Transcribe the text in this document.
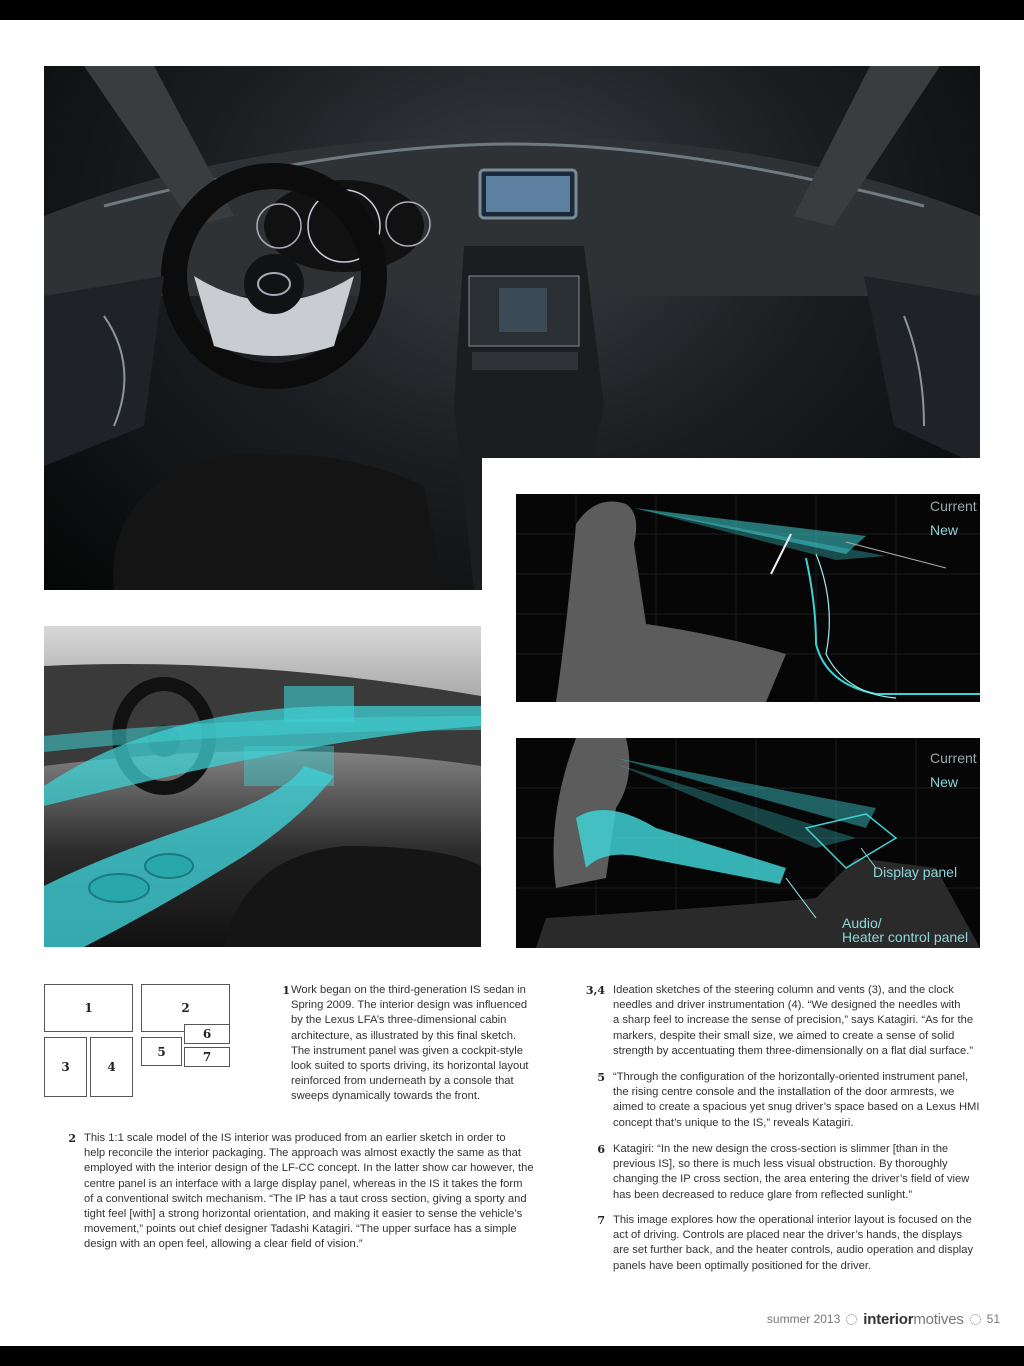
Current
New
Current
New
Display panel
Audio/
Heater control panel
1	2
6
3	4
5	7
1 Work began on the third-generation IS sedan in
Spring 2009. The interior design was influenced
by the Lexus LFA’s three-dimensional cabin
architecture, as illustrated by this final sketch.
The instrument panel was given a cockpit-style
look suited to sports driving, its horizontal layout
reinforced from underneath by a console that
sweeps dynamically towards the front.
2 This 1:1 scale model of the IS interior was produced from an earlier sketch in order to
help reconcile the interior packaging. The approach was almost exactly the same as that
employed with the interior design of the LF-CC concept. In the latter show car however, the
centre panel is an interface with a large display panel, whereas in the IS it takes the form
of a conventional switch mechanism. “The IP has a taut cross section, giving a sporty and
tight feel [with] a strong horizontal orientation, and making it easier to sense the vehicle’s
movement,” points out chief designer Tadashi Katagiri. “The upper surface has a simple
design with an open feel, allowing a clear field of vision.”
3,4 Ideation sketches of the steering column and vents (3), and the clock
needles and driver instrumentation (4). “We designed the needles with
a sharp feel to increase the sense of precision,” says Katagiri. “As for the
markers, despite their small size, we aimed to create a sense of solid
strength by accentuating them three-dimensionally on a flat dial surface.”
5 “Through the configuration of the horizontally-oriented instrument panel,
the rising centre console and the installation of the door armrests, we
aimed to create a spacious yet snug driver’s space based on a Lexus HMI
concept that’s unique to the IS,” reveals Katagiri.
6 Katagiri: “In the new design the cross-section is slimmer [than in the
previous IS], so there is much less visual obstruction. By thoroughly
changing the IP cross section, the area entering the driver’s field of view
has been decreased to reduce glare from reflected sunlight.”
7 This image explores how the operational interior layout is focused on the
act of driving. Controls are placed near the driver’s hands, the displays
are set further back, and the heater controls, audio operation and display
panels have been optimally positioned for the driver.
summer 2013 interiormotives 51
